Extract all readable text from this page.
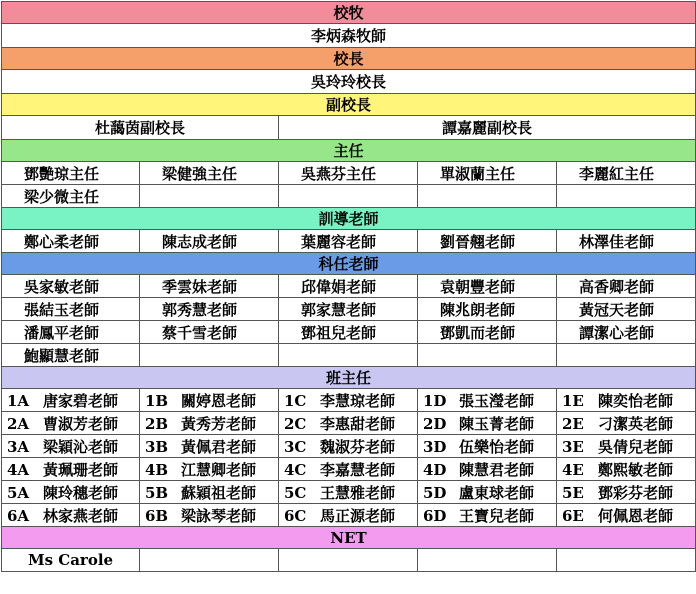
校牧				
李炳森牧師				
校長				
吳玲玲校長				
副校長				
杜藹茵副校長		譚嘉麗副校長		
主任				
鄧艷琼主任	梁健強主任	吳燕芬主任	單淑蘭主任	李麗紅主任
梁少微主任				
訓導老師				
鄭心柔老師	陳志成老師	葉麗容老師	劉晉翹老師	林澤佳老師
科任老師				
吳家敏老師	季雲妹老師	邱偉娟老師	袁朝豐老師	高香卿老師
張結玉老師	郭秀慧老師	郭家慧老師	陳兆朗老師	黃冠天老師
潘鳳平老師	蔡千雪老師	鄧祖兒老師	鄧凱而老師	譚潔心老師
鮑顯慧老師				
班主任				
1A 唐家碧老師	1B 關婷恩老師	1C 李慧琼老師	1D 張玉瀅老師	1E 陳奕怡老師
2A 曹淑芳老師	2B 黃秀芳老師	2C 李惠甜老師	2D 陳玉菁老師	2E 刁潔英老師
3A 梁穎沁老師	3B 黃佩君老師	3C 魏淑芬老師	3D 伍樂怡老師	3E 吳倩兒老師
4A 黃珮珊老師	4B 江慧卿老師	4C 李嘉慧老師	4D 陳慧君老師	4E 鄭熙敏老師
5A 陳玲穗老師	5B 蘇穎祖老師	5C 王慧雅老師	5D 盧東球老師	5E 鄧彩芬老師
6A 林家燕老師	6B 梁詠琴老師	6C 馬正源老師	6D 王寶兒老師	6E 何佩恩老師
NET				
Ms Carole				
